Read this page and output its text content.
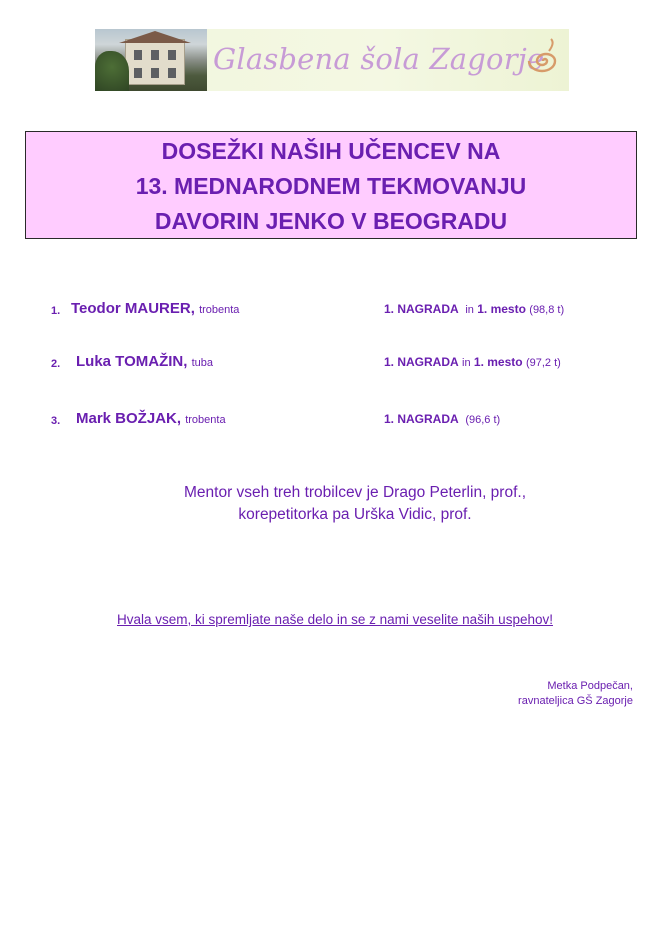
Glasbena šola Zagorje
DOSEŽKI NAŠIH UČENCEV NA
13. MEDNARODNEM TEKMOVANJU
DAVORIN JENKO V BEOGRADU
1. Teodor MAURER, trobenta	1. NAGRADA in 1. mesto (98,8 t)
2. Luka TOMAŽIN, tuba	1. NAGRADA in 1. mesto (97,2 t)
3. Mark BOŽJAK, trobenta	1. NAGRADA (96,6 t)
Mentor vseh treh trobilcev je Drago Peterlin, prof.,
korepetitorka pa Urška Vidic, prof.
Hvala vsem, ki spremljate naše delo in se z nami veselite naših uspehov!
Metka Podpečan,
ravnateljica GŠ Zagorje
